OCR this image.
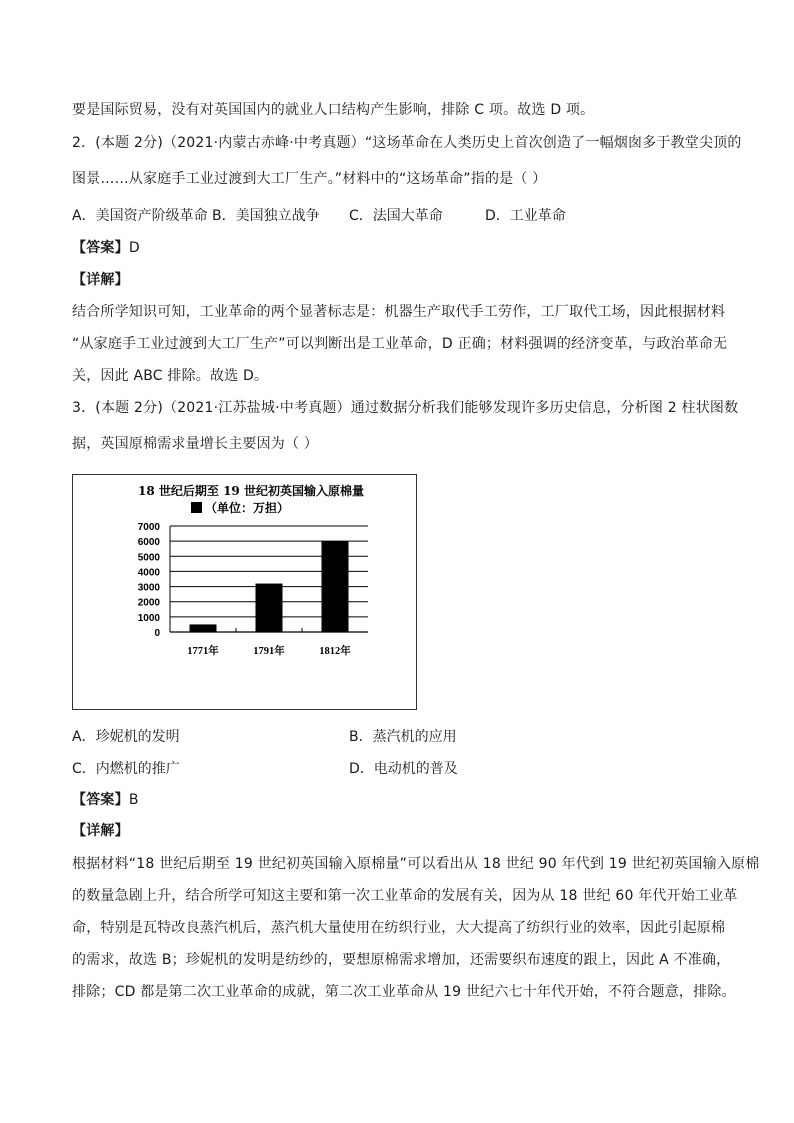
要是国际贸易，没有对英国国内的就业人口结构产生影响，排除 C 项。故选 D 项。
2．(本题 2分)（2021·内蒙古赤峰·中考真题）“这场革命在人类历史上首次创造了一幅烟囱多于教堂尖顶的
图景……从家庭手工业过渡到大工厂生产。”材料中的“这场革命”指的是（ ）
A．美国资产阶级革命 B．美国独立战争 C．法国大革命	D．工业革命
【答案】D
【详解】
结合所学知识可知，工业革命的两个显著标志是：机器生产取代手工劳作，工厂取代工场，因此根据材料
“从家庭手工业过渡到大工厂生产”可以判断出是工业革命，D 正确；材料强调的经济变革，与政治革命无
关，因此 ABC 排除。故选 D。
3．(本题 2分)（2021·江苏盐城·中考真题）通过数据分析我们能够发现许多历史信息，分析图 2 柱状图数
据，英国原棉需求量增长主要因为（ ）
18 世纪后期至 19 世纪初英国输入原棉量
（单位：万担）
0
1000
2000
3000
4000
5000
6000
7000
1771年	1791年	1812年
A．珍妮机的发明	B．蒸汽机的应用
C．内燃机的推广	D．电动机的普及
【答案】B
【详解】
根据材料“18 世纪后期至 19 世纪初英国输入原棉量”可以看出从 18 世纪 90 年代到 19 世纪初英国输入原棉
的数量急剧上升，结合所学可知这主要和第一次工业革命的发展有关，因为从 18 世纪 60 年代开始工业革
命，特别是瓦特改良蒸汽机后，蒸汽机大量使用在纺织行业，大大提高了纺织行业的效率，因此引起原棉
的需求，故选 B；珍妮机的发明是纺纱的，要想原棉需求增加，还需要织布速度的跟上，因此 A 不准确，
排除；CD 都是第二次工业革命的成就，第二次工业革命从 19 世纪六七十年代开始，不符合题意，排除。
